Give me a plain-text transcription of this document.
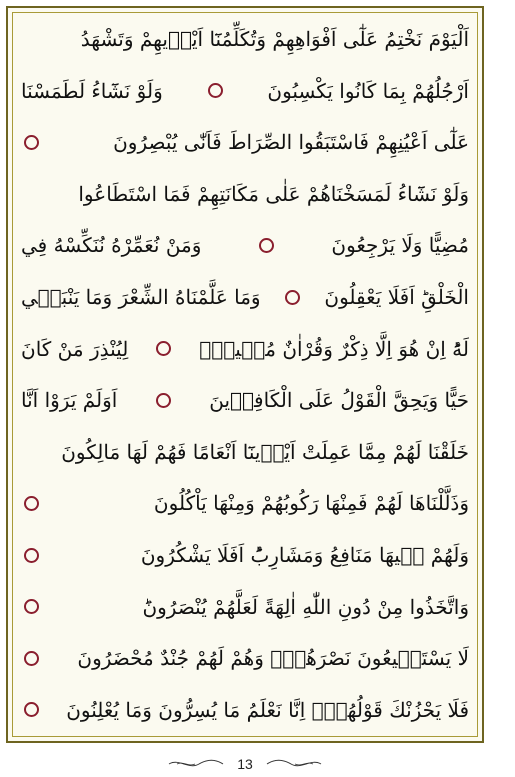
اَلْيَوْمَ نَخْتِمُ عَلٰٓى اَفْوَاهِهِمْ وَتُكَلِّمُنَٓا اَيْد۪يهِمْ وَتَشْهَدُ
اَرْجُلُهُمْ بِمَا كَانُوا يَكْسِبُونَ
وَلَوْ نَشَٓاءُ لَطَمَسْنَا
عَلٰٓى اَعْيُنِهِمْ فَاسْتَبَقُوا الصِّرَاطَ فَاَنّٰى يُبْصِرُونَ
وَلَوْ نَشَٓاءُ لَمَسَخْنَاهُمْ عَلٰى مَكَانَتِهِمْ فَمَا اسْتَطَاعُوا
مُضِيًّا وَلَا يَرْجِعُونَ
وَمَنْ نُعَمِّرْهُ نُنَكِّسْهُ فِي
الْخَلْقِؕ اَفَلَا يَعْقِلُونَ
وَمَا عَلَّمْنَاهُ الشِّعْرَ وَمَا يَنْبَغ۪ي
لَهُؕ اِنْ هُوَ اِلَّا ذِكْرٌ وَقُرْاٰنٌ مُب۪ينٌۙ
لِيُنْذِرَ مَنْ كَانَ
حَيًّا وَيَحِقَّ الْقَوْلُ عَلَى الْكَافِر۪ينَ
اَوَلَمْ يَرَوْا اَنَّا
خَلَقْنَا لَهُمْ مِمَّا عَمِلَتْ اَيْد۪ينَٓا اَنْعَامًا فَهُمْ لَهَا مَالِكُونَ
وَذَلَّلْنَاهَا لَهُمْ فَمِنْهَا رَكُوبُهُمْ وَمِنْهَا يَاْكُلُونَ
وَلَهُمْ ف۪يهَا مَنَافِعُ وَمَشَارِبُؕ اَفَلَا يَشْكُرُونَ
وَاتَّخَذُوا مِنْ دُونِ اللّٰهِ اٰلِهَةً لَعَلَّهُمْ يُنْصَرُونَؕ
لَا يَسْتَط۪يعُونَ نَصْرَهُمْۙ وَهُمْ لَهُمْ جُنْدٌ مُحْضَرُونَ
فَلَا يَحْزُنْكَ قَوْلُهُمْۢ اِنَّا نَعْلَمُ مَا يُسِرُّونَ وَمَا يُعْلِنُونَ
13
